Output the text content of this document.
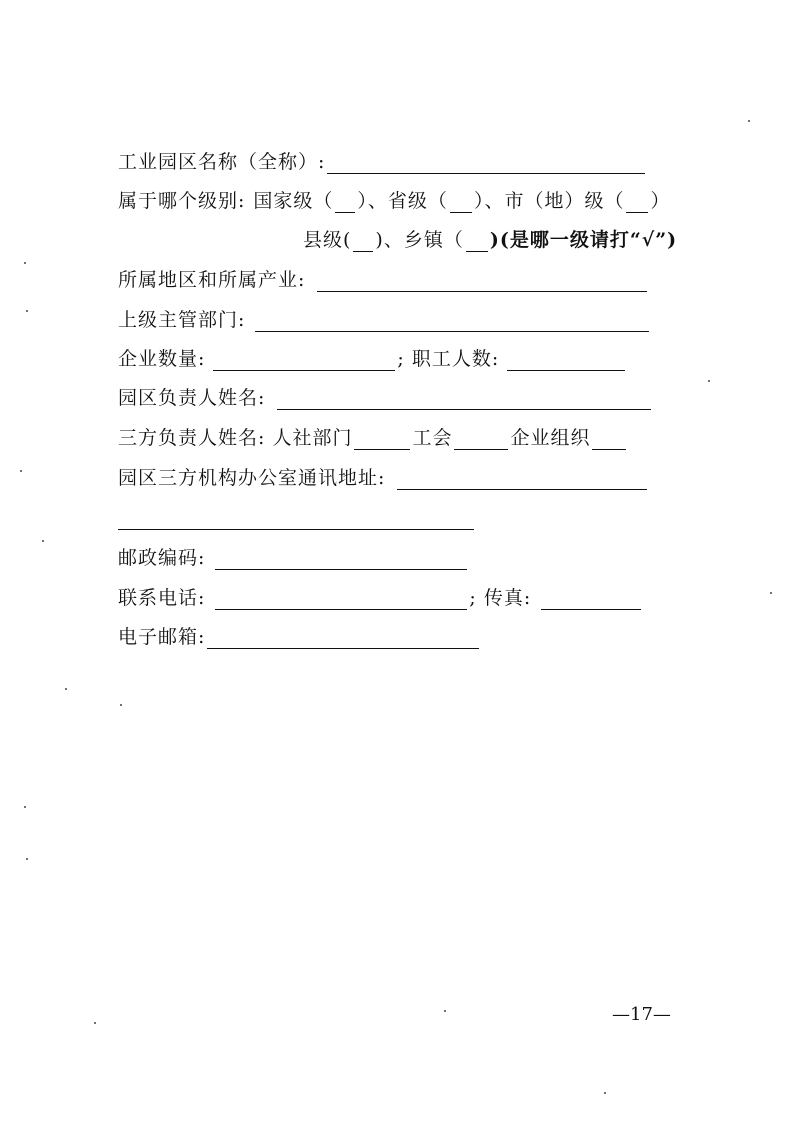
工业园区名称（全称）:
属于哪个级别: 国家级（ ）、省级（ ）、市（地）级（ ）
县级( )、乡镇（ )(是哪一级请打“√”)
所属地区和所属产业:
上级主管部门:
企业数量:	; 职工人数:
园区负责人姓名:
三方负责人姓名: 人社部门	工会	企业组织
园区三方机构办公室通讯地址:
邮政编码:
联系电话:	; 传真:
电子邮箱:
—17—
